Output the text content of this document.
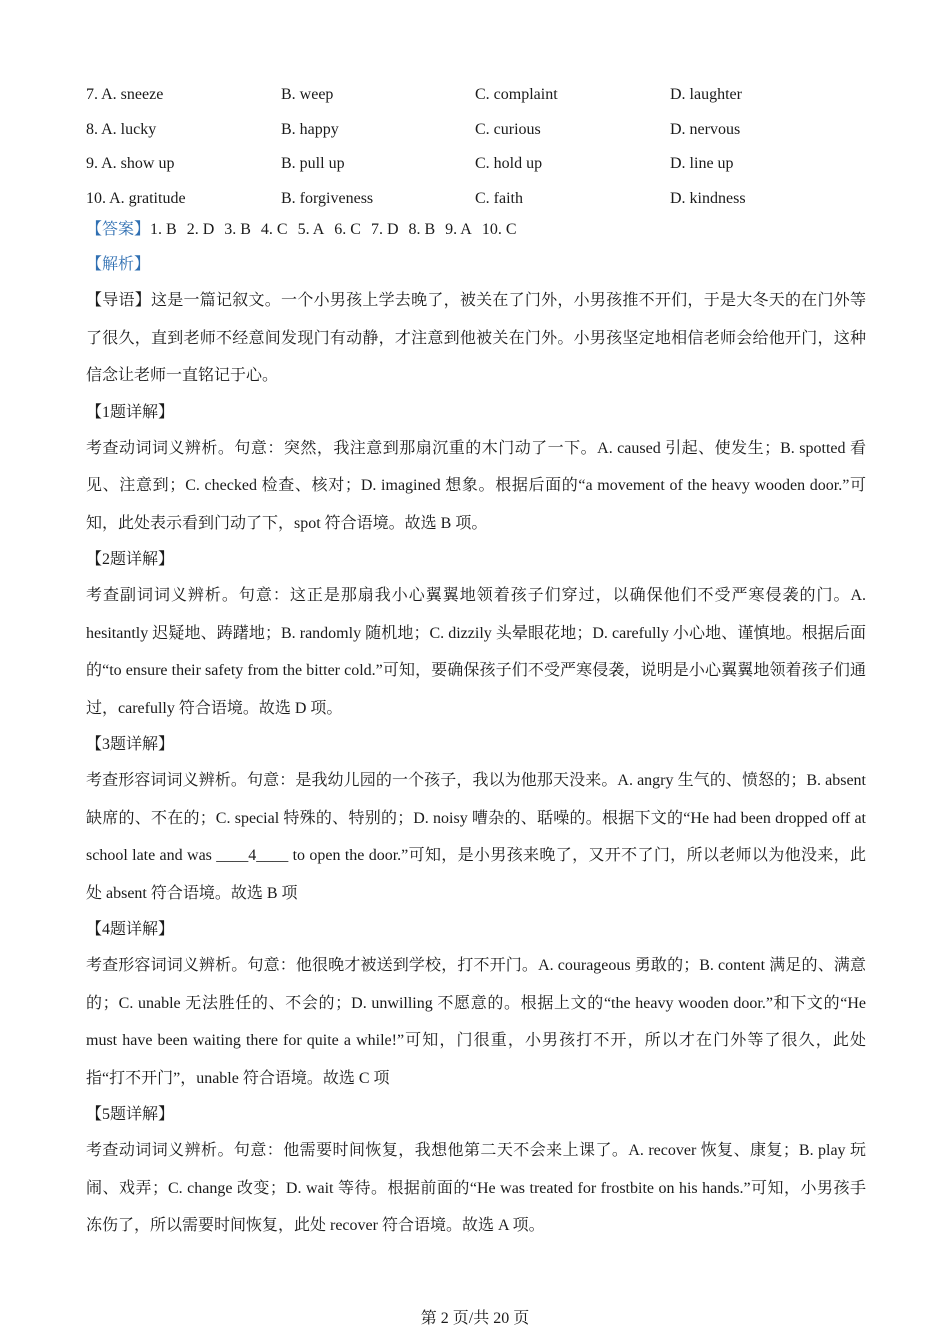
7. A. sneeze	B. weep	C. complaint	D. laughter
8. A. lucky	B. happy	C. curious	D. nervous
9. A. show up	B. pull up	C. hold up	D. line up
10. A. gratitude	B. forgiveness	C. faith	D. kindness
【答案】1. B 2. D 3. B 4. C 5. A 6. C 7. D 8. B 9. A 10. C
【解析】

【导语】这是一篇记叙文。一个小男孩上学去晚了，被关在了门外，小男孩推不开们，于是大冬天的在门外等了很久，直到老师不经意间发现门有动静，才注意到他被关在门外。小男孩坚定地相信老师会给他开门，这种信念让老师一直铭记于心。

【1题详解】

考查动词词义辨析。句意：突然，我注意到那扇沉重的木门动了一下。A. caused 引起、使发生；B. spotted 看见、注意到；C. checked 检查、核对；D. imagined 想象。根据后面的“a movement of the heavy wooden door.”可知，此处表示看到门动了下，spot 符合语境。故选 B 项。

【2题详解】

考查副词词义辨析。句意：这正是那扇我小心翼翼地领着孩子们穿过，以确保他们不受严寒侵袭的门。A. hesitantly 迟疑地、踌躇地；B. randomly 随机地；C. dizzily 头晕眼花地；D. carefully 小心地、谨慎地。根据后面的“to ensure their safety from the bitter cold.”可知，要确保孩子们不受严寒侵袭，说明是小心翼翼地领着孩子们通过，carefully 符合语境。故选 D 项。

【3题详解】

考查形容词词义辨析。句意：是我幼儿园的一个孩子，我以为他那天没来。A. angry 生气的、愤怒的；B. absent 缺席的、不在的；C. special 特殊的、特别的；D. noisy 嘈杂的、聒噪的。根据下文的“He had been dropped off at school late and was ____4____ to open the door.”可知，是小男孩来晚了，又开不了门，所以老师以为他没来，此处 absent 符合语境。故选 B 项

【4题详解】

考查形容词词义辨析。句意：他很晚才被送到学校，打不开门。A. courageous 勇敢的；B. content 满足的、满意的；C. unable 无法胜任的、不会的；D. unwilling 不愿意的。根据上文的“the heavy wooden door.”和下文的“He must have been waiting there for quite a while!”可知，门很重，小男孩打不开，所以才在门外等了很久，此处指“打不开门”，unable 符合语境。故选 C 项

【5题详解】

考查动词词义辨析。句意：他需要时间恢复，我想他第二天不会来上课了。A. recover 恢复、康复；B. play 玩闹、戏弄；C. change 改变；D. wait 等待。根据前面的“He was treated for frostbite on his hands.”可知，小男孩手冻伤了，所以需要时间恢复，此处 recover 符合语境。故选 A 项。

第 2 页/共 20 页
